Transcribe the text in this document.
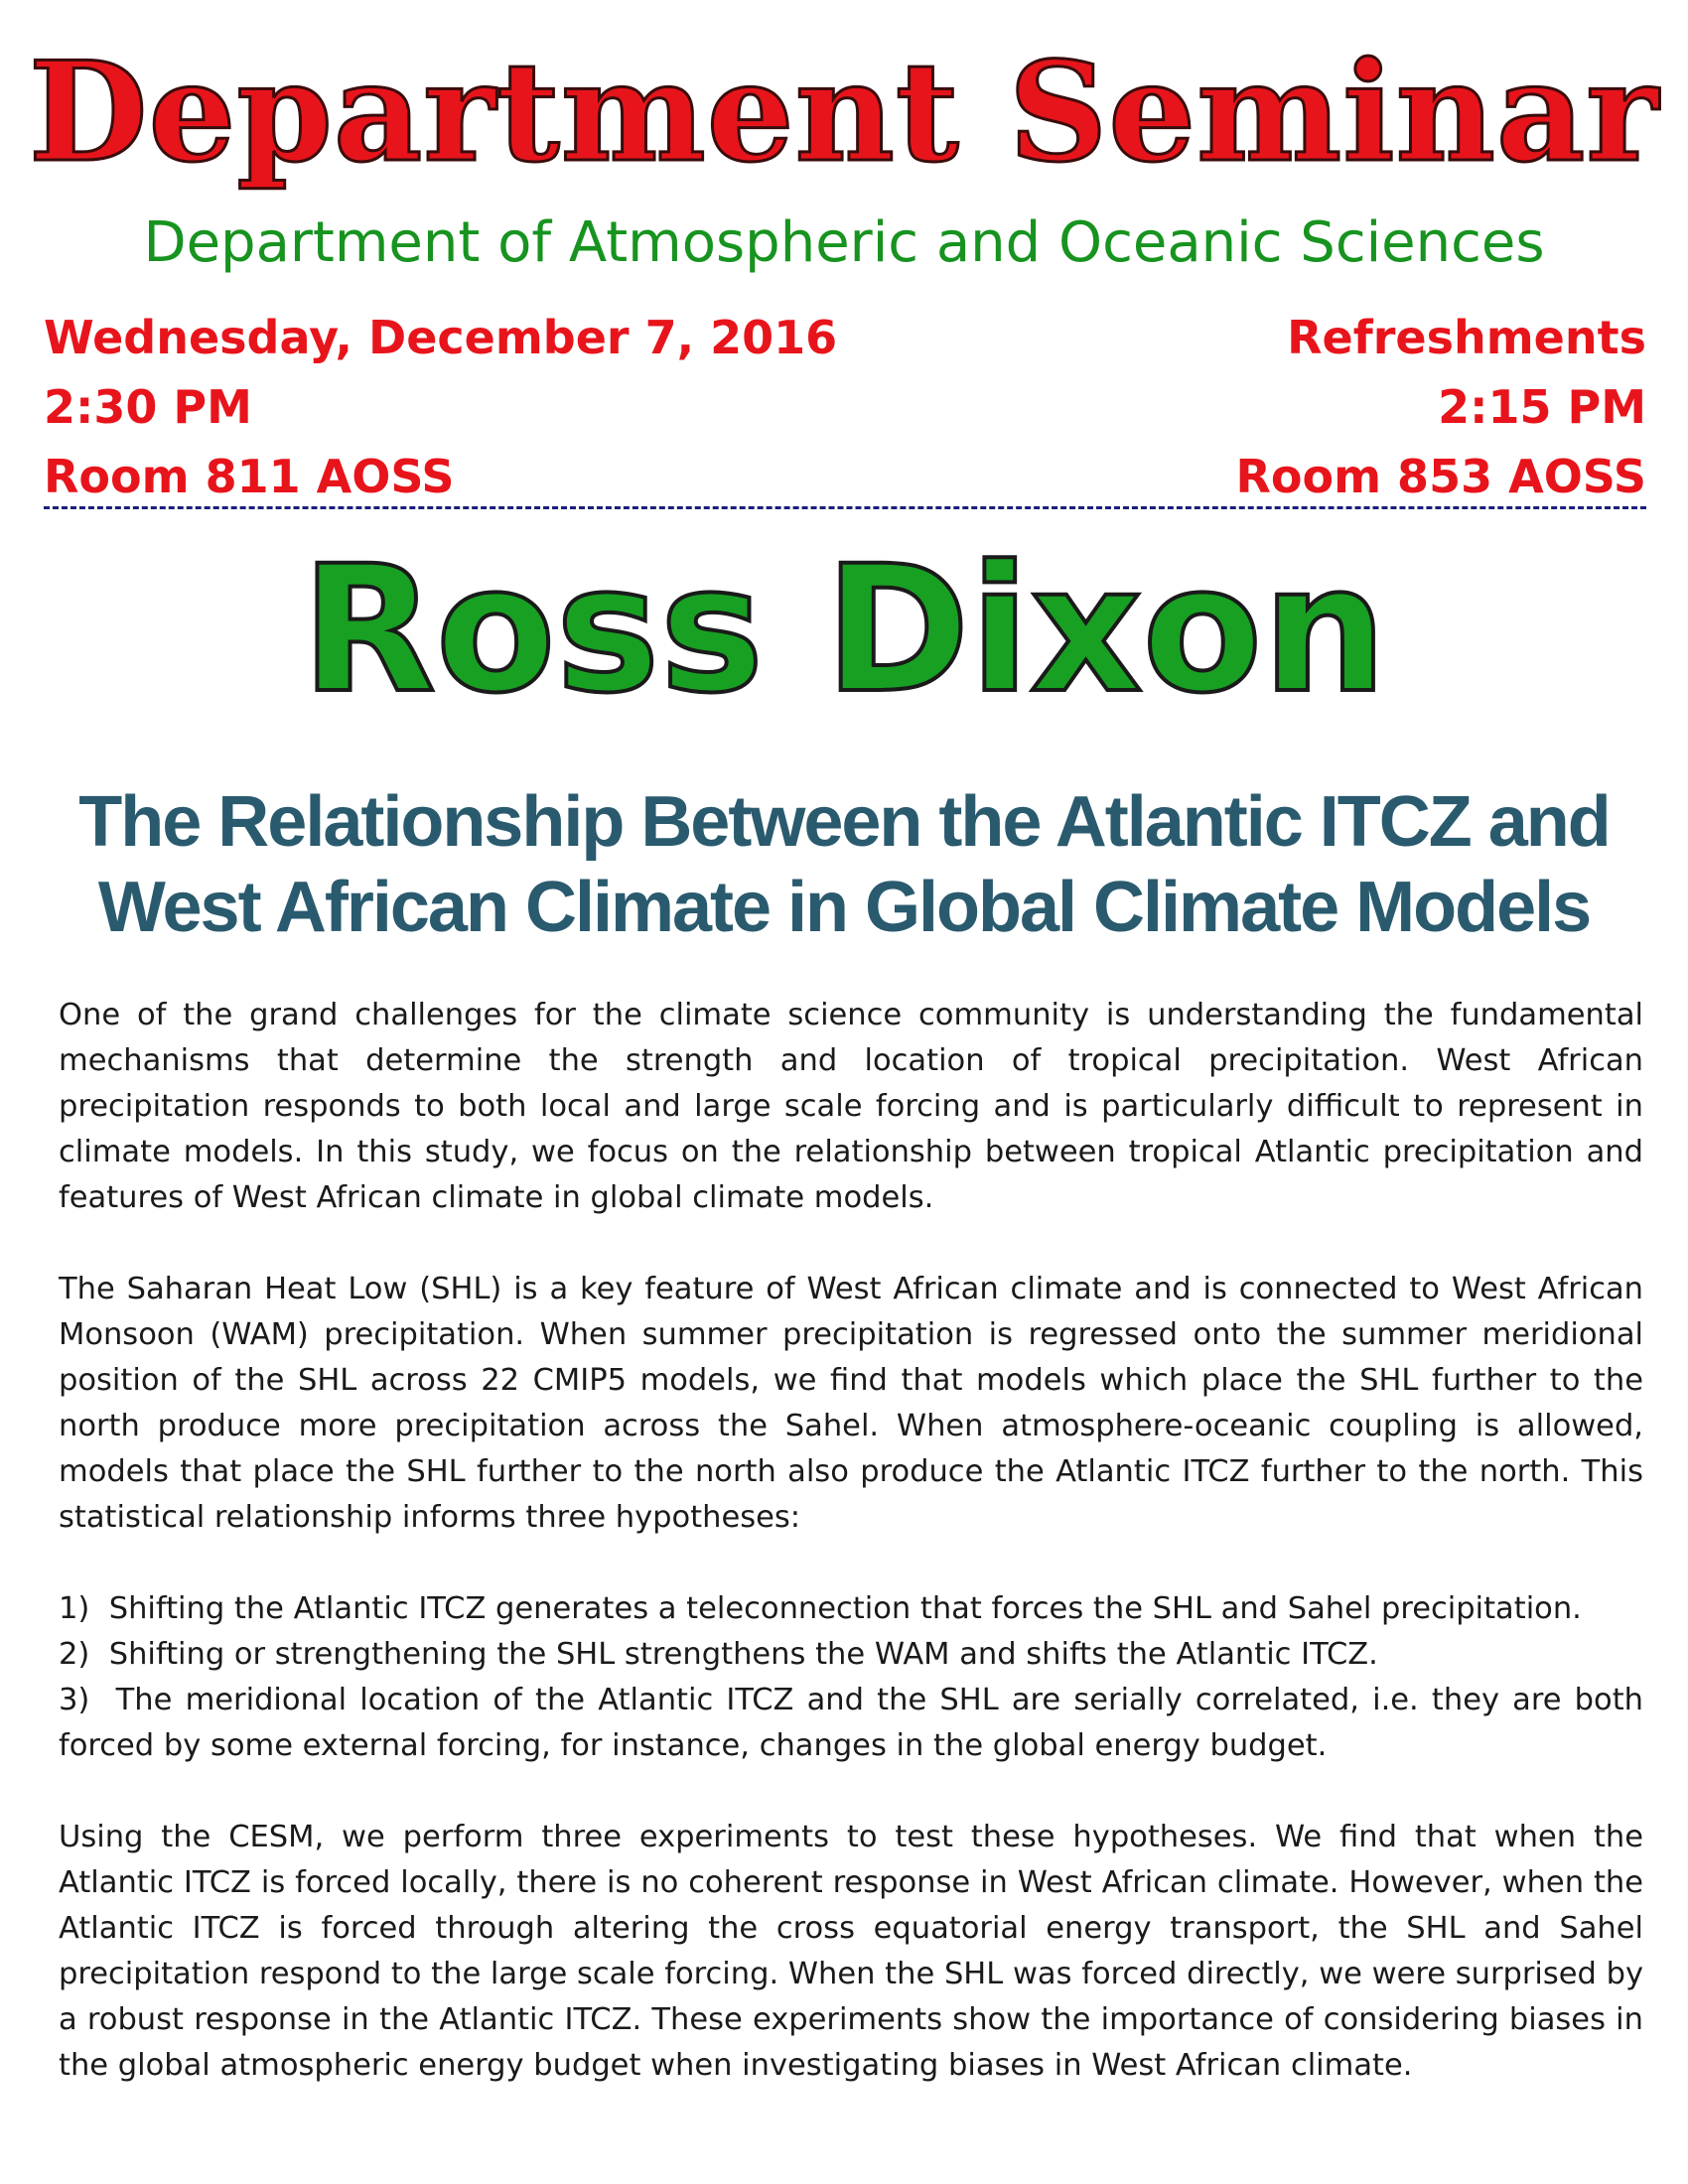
Department Seminar
Department of Atmospheric and Oceanic Sciences
Wednesday, December 7, 2016
2:30 PM
Room 811 AOSS
Refreshments
2:15 PM
Room 853 AOSS
Ross Dixon
The Relationship Between the Atlantic ITCZ and
West African Climate in Global Climate Models

One of the grand challenges for the climate science community is understanding the fundamental mechanisms that determine the strength and location of tropical precipitation. West African precipitation responds to both local and large scale forcing and is particularly difficult to represent in climate models. In this study, we focus on the relationship between tropical Atlantic precipitation and features of West African climate in global climate models.

The Saharan Heat Low (SHL) is a key feature of West African climate and is connected to West African Monsoon (WAM) precipitation. When summer precipitation is regressed onto the summer meridional position of the SHL across 22 CMIP5 models, we find that models which place the SHL further to the north produce more precipitation across the Sahel. When atmosphere-oceanic coupling is allowed, models that place the SHL further to the north also produce the Atlantic ITCZ further to the north. This statistical relationship informs three hypotheses:

1) Shifting the Atlantic ITCZ generates a teleconnection that forces the SHL and Sahel precipitation.
2) Shifting or strengthening the SHL strengthens the WAM and shifts the Atlantic ITCZ.
3) The meridional location of the Atlantic ITCZ and the SHL are serially correlated, i.e. they are both forced by some external forcing, for instance, changes in the global energy budget.

Using the CESM, we perform three experiments to test these hypotheses. We find that when the Atlantic ITCZ is forced locally, there is no coherent response in West African climate. However, when the Atlantic ITCZ is forced through altering the cross equatorial energy transport, the SHL and Sahel precipitation respond to the large scale forcing. When the SHL was forced directly, we were surprised by a robust response in the Atlantic ITCZ. These experiments show the importance of considering biases in the global atmospheric energy budget when investigating biases in West African climate.
